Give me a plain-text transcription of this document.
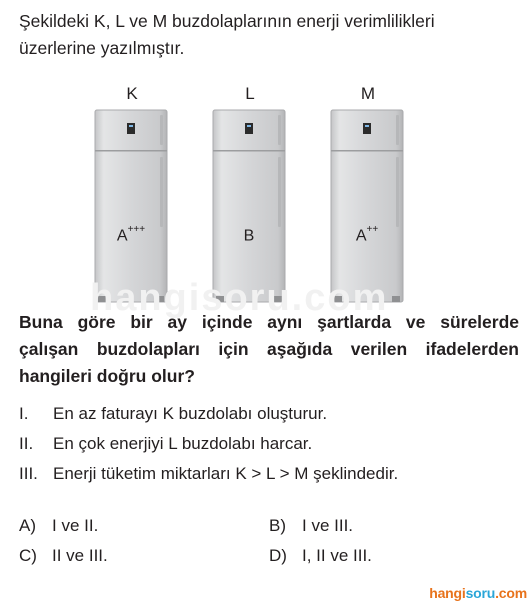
Şekildeki K, L ve M buzdolaplarının enerji verimlilikleri
üzerlerine yazılmıştır.
K
A+++
L
B
M
A++
hangisoru.com
Buna göre bir ay içinde aynı şartlarda ve sürelerde
çalışan buzdolapları için aşağıda verilen ifadelerden
hangileri doğru olur?
I.	En az faturayı K buzdolabı oluşturur.
II.	En çok enerjiyi L buzdolabı harcar.
III. Enerji tüketim miktarları K > L > M şeklindedir.
A) I ve II.	B) I ve III.
C) II ve III.	D) I, II ve III.
hangisoru.com
